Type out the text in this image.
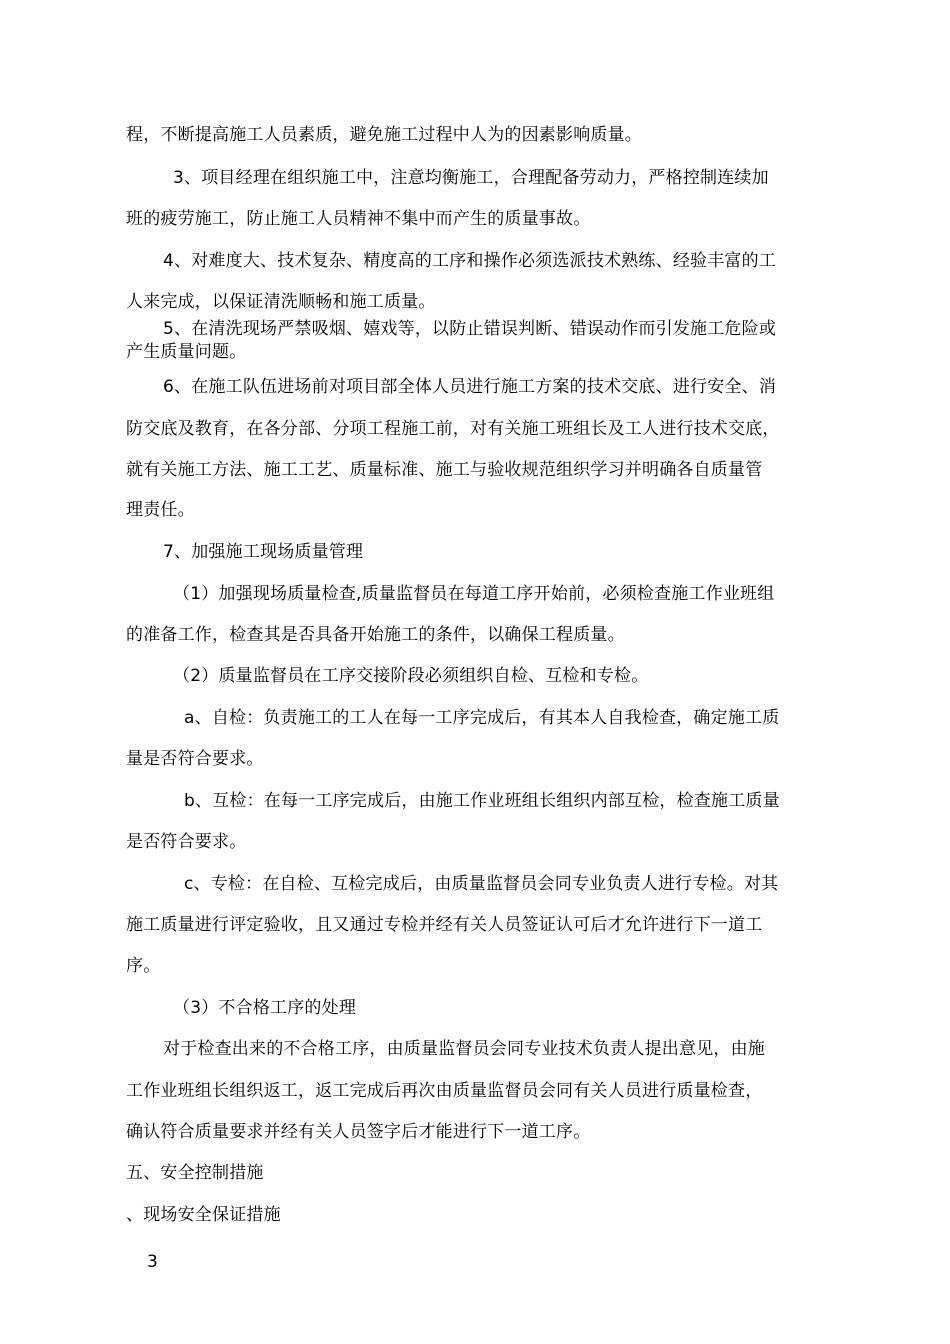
程，不断提高施工人员素质，避免施工过程中人为的因素影响质量。
3、项目经理在组织施工中，注意均衡施工，合理配备劳动力，严格控制连续加
班的疲劳施工，防止施工人员精神不集中而产生的质量事故。
4、对难度大、技术复杂、精度高的工序和操作必须选派技术熟练、经验丰富的工
人来完成，以保证清洗顺畅和施工质量。
5、在清洗现场严禁吸烟、嬉戏等，以防止错误判断、错误动作而引发施工危险或
产生质量问题。
6、在施工队伍进场前对项目部全体人员进行施工方案的技术交底、进行安全、消
防交底及教育，在各分部、分项工程施工前，对有关施工班组长及工人进行技术交底，
就有关施工方法、施工工艺、质量标准、施工与验收规范组织学习并明确各自质量管
理责任。
7、加强施工现场质量管理
（1）加强现场质量检查,质量监督员在每道工序开始前，必须检查施工作业班组
的准备工作，检查其是否具备开始施工的条件，以确保工程质量。
（2）质量监督员在工序交接阶段必须组织自检、互检和专检。
a、自检：负责施工的工人在每一工序完成后，有其本人自我检查，确定施工质
量是否符合要求。
b、互检：在每一工序完成后，由施工作业班组长组织内部互检，检查施工质量
是否符合要求。
c、专检：在自检、互检完成后，由质量监督员会同专业负责人进行专检。对其
施工质量进行评定验收，且又通过专检并经有关人员签证认可后才允许进行下一道工
序。
（3）不合格工序的处理
对于检查出来的不合格工序，由质量监督员会同专业技术负责人提出意见，由施
工作业班组长组织返工，返工完成后再次由质量监督员会同有关人员进行质量检查，
确认符合质量要求并经有关人员签字后才能进行下一道工序。
五、安全控制措施
、现场安全保证措施
3
